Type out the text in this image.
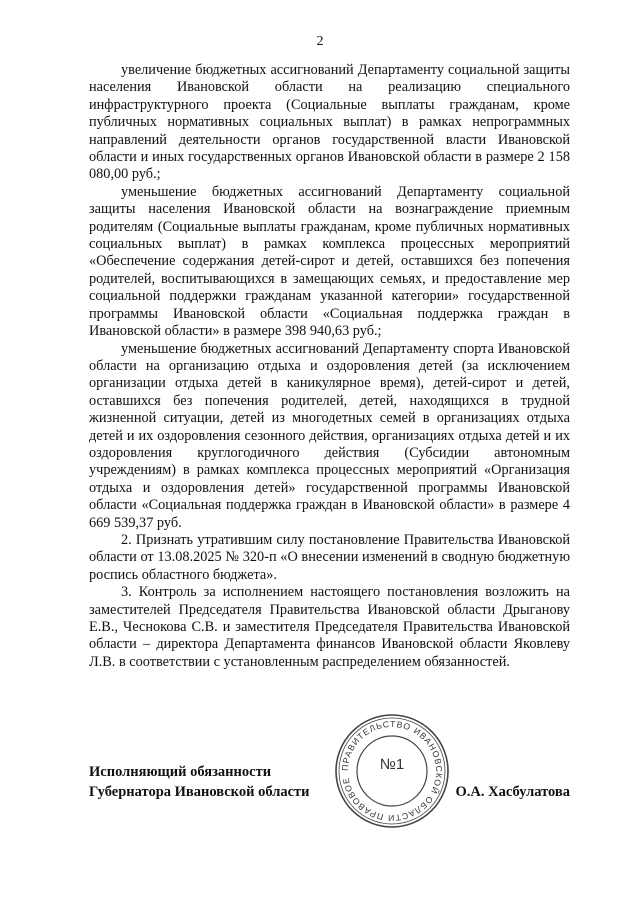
2

увеличение бюджетных ассигнований Департаменту социальной защиты населения Ивановской области на реализацию специального инфраструктурного проекта (Социальные выплаты гражданам, кроме публичных нормативных социальных выплат) в рамках непрограммных направлений деятельности органов государственной власти Ивановской области и иных государственных органов Ивановской области в размере 2 158 080,00 руб.;

уменьшение бюджетных ассигнований Департаменту социальной защиты населения Ивановской области на вознаграждение приемным родителям (Социальные выплаты гражданам, кроме публичных нормативных социальных выплат) в рамках комплекса процессных мероприятий «Обеспечение содержания детей-сирот и детей, оставшихся без попечения родителей, воспитывающихся в замещающих семьях, и предоставление мер социальной поддержки гражданам указанной категории» государственной программы Ивановской области «Социальная поддержка граждан в Ивановской области» в размере 398 940,63 руб.;

уменьшение бюджетных ассигнований Департаменту спорта Ивановской области на организацию отдыха и оздоровления детей (за исключением организации отдыха детей в каникулярное время), детей-сирот и детей, оставшихся без попечения родителей, детей, находящихся в трудной жизненной ситуации, детей из многодетных семей в организациях отдыха детей и их оздоровления сезонного действия, организациях отдыха детей и их оздоровления круглогодичного действия (Субсидии автономным учреждениям) в рамках комплекса процессных мероприятий «Организация отдыха и оздоровления детей» государственной программы Ивановской области «Социальная поддержка граждан в Ивановской области» в размере 4 669 539,37 руб.

2. Признать утратившим силу постановление Правительства Ивановской области от 13.08.2025 № 320-п «О внесении изменений в сводную бюджетную роспись областного бюджета».

3. Контроль за исполнением настоящего постановления возложить на заместителей Председателя Правительства Ивановской области Дрыганову Е.В., Чеснокова С.В. и заместителя Председателя Правительства Ивановской области – директора Департамента финансов Ивановской области Яковлеву Л.В. в соответствии с установленным распределением обязанностей.

Исполняющий обязанности
Губернатора Ивановской области
ПРАВИТЕЛЬСТВО ИВАНОВСКОЙ ОБЛАСТИ ПРАВОВОЕ
№1
О.А. Хасбулатова
